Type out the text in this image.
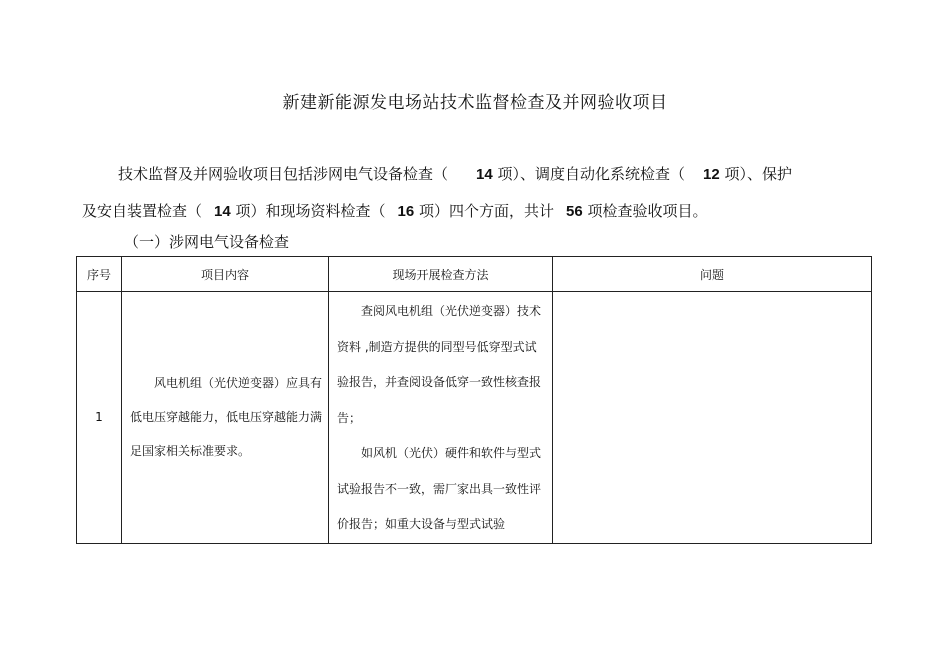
新建新能源发电场站技术监督检查及并网验收项目
技术监督及并网验收项目包括涉网电气设备检查（ 14 项）、调度自动化系统检查（ 12 项）、保护
及安自装置检查（ 14 项）和现场资料检查（ 16 项）四个方面，共计 56 项检查验收项目。
（一）涉网电气设备检查
序号	项目内容	现场开展检查方法	问题
1	风电机组（光伏逆变器）应具有低电压穿越能力，低电压穿越能力满足国家相关标准要求。	查阅风电机组（光伏逆变器）技术资料 ,制造方提供的同型号低穿型式试验报告，并查阅设备低穿一致性核查报告；
如风机（光伏）硬件和软件与型式试验报告不一致，需厂家出具一致性评价报告；如重大设备与型式试验	
